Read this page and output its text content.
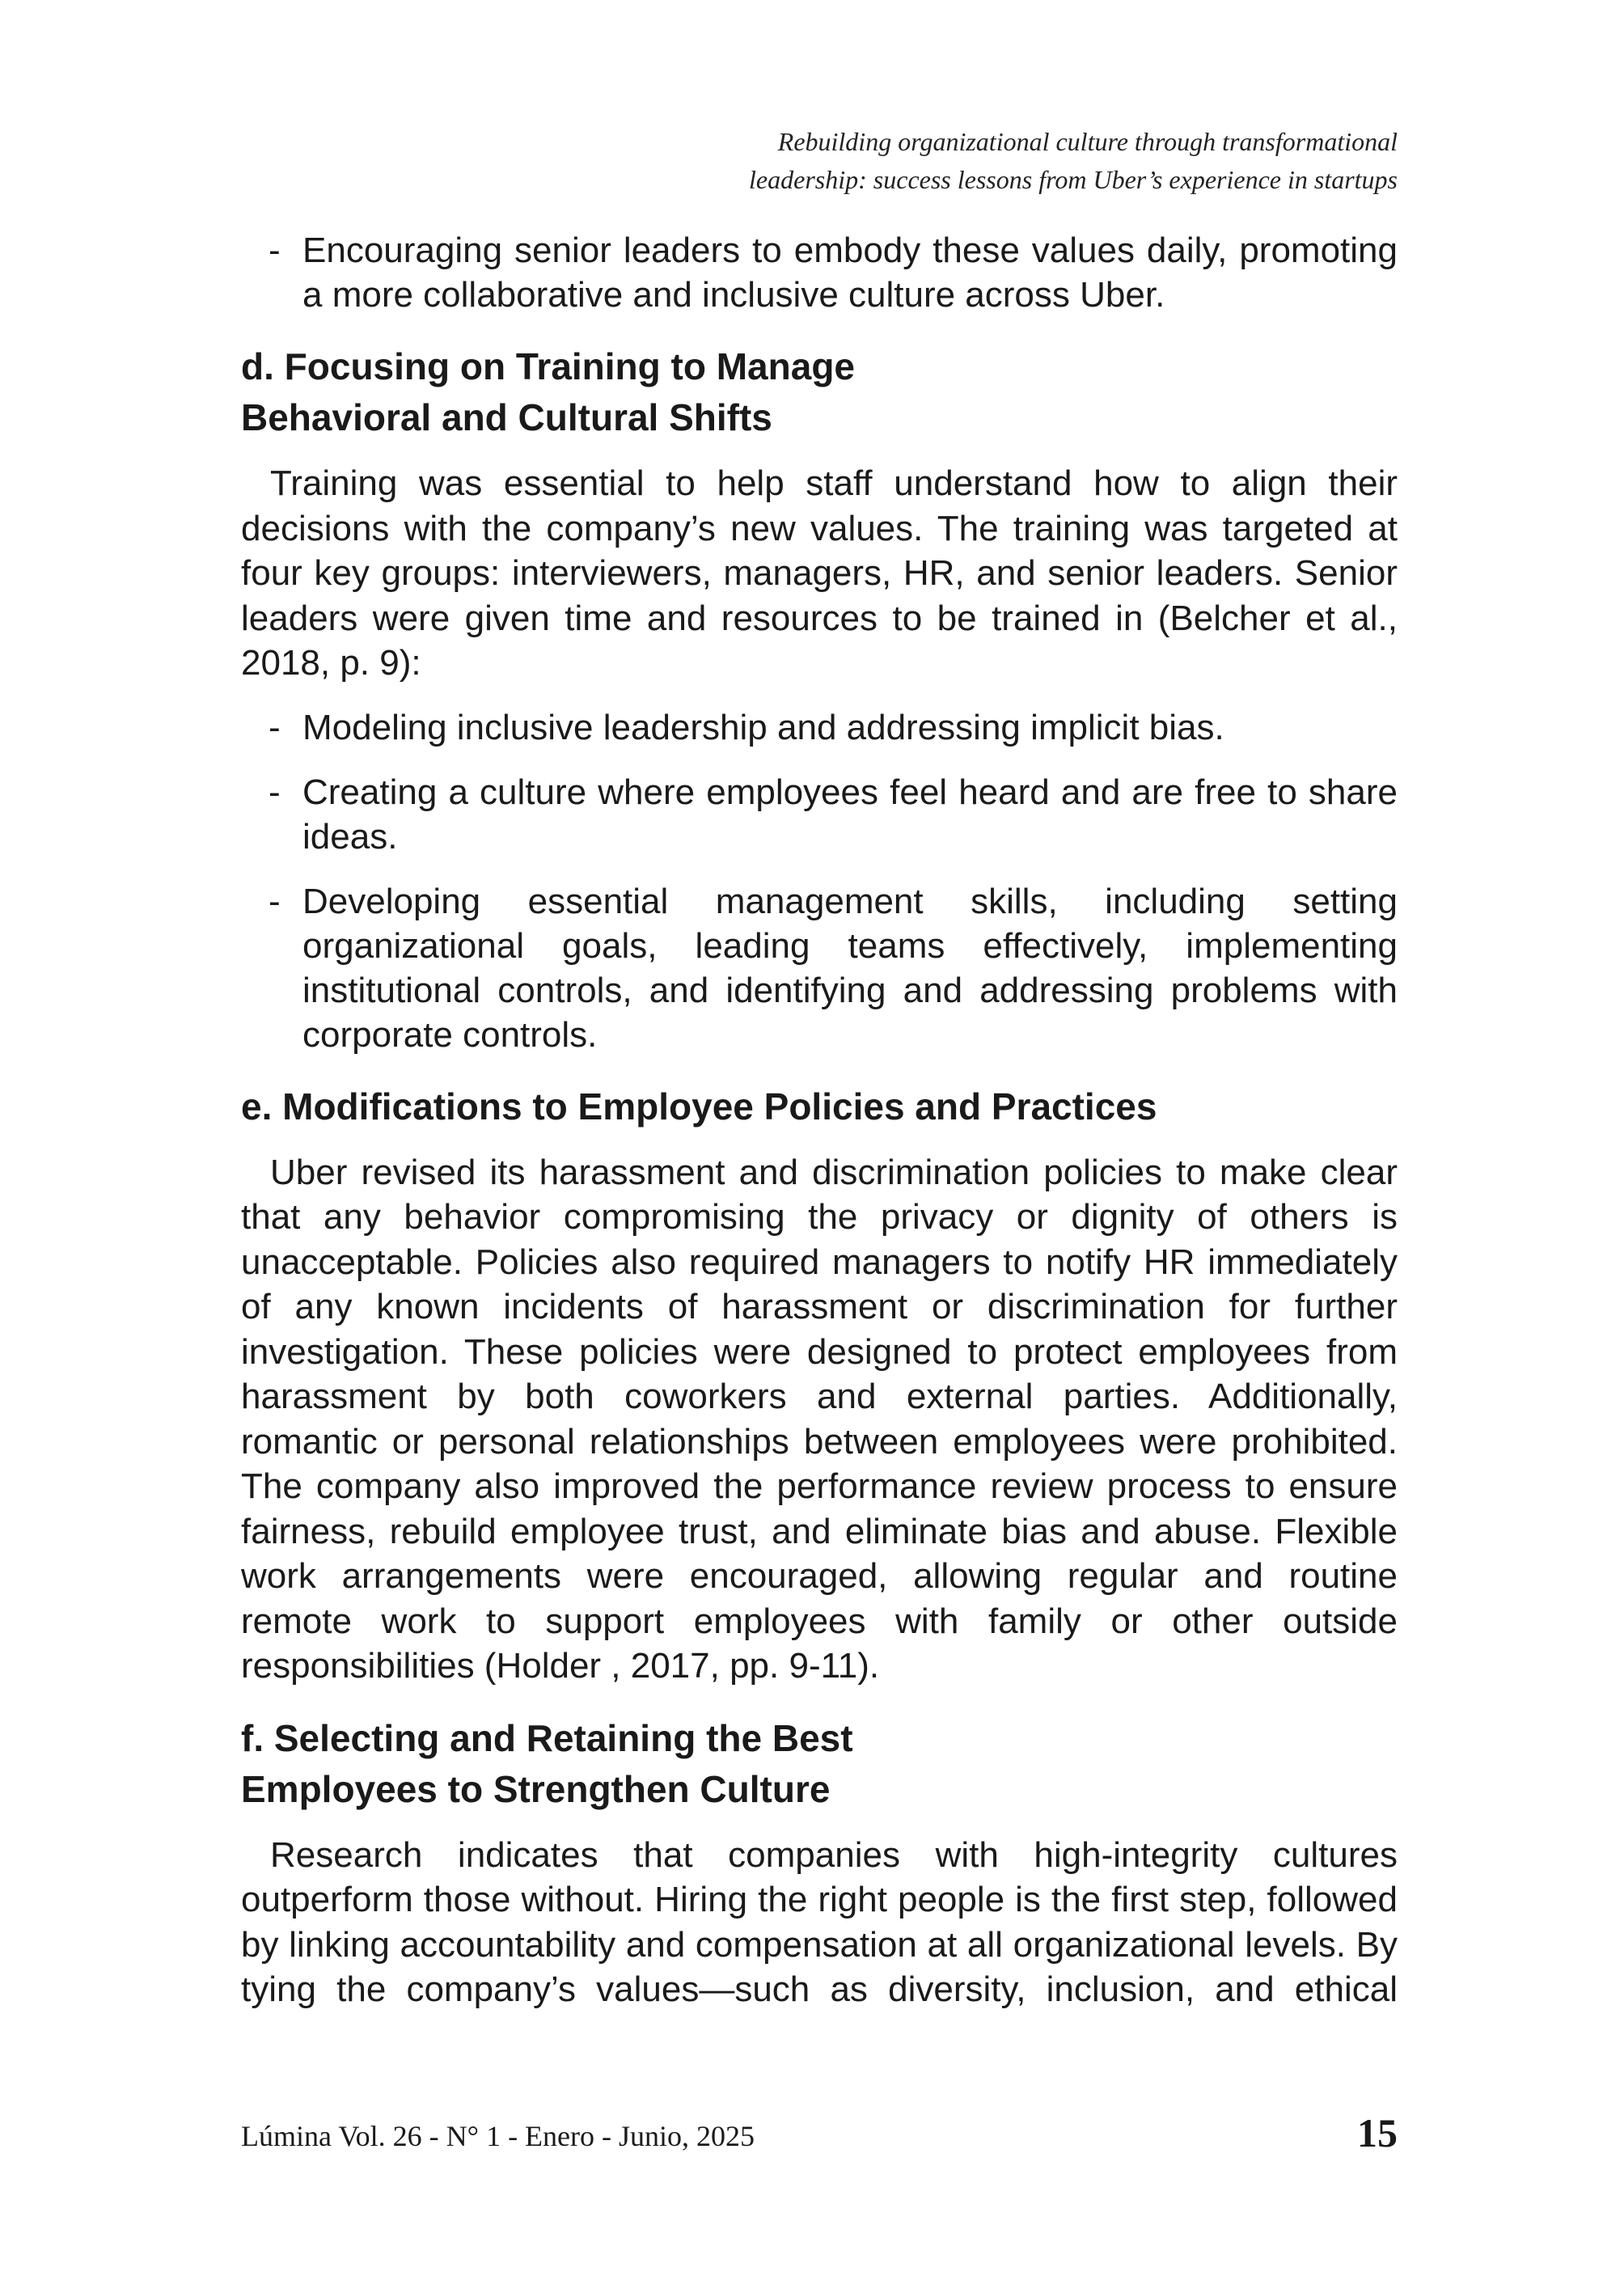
Rebuilding organizational culture through transformational
leadership: success lessons from Uber’s experience in startups

- Encouraging senior leaders to embody these values daily, promoting a more collaborative and inclusive culture across Uber.

d. Focusing on Training to Manage
Behavioral and Cultural Shifts

Training was essential to help staff understand how to align their decisions with the company’s new values. The training was targeted at four key groups: interviewers, managers, HR, and senior leaders. Senior leaders were given time and resources to be trained in (Belcher et al., 2018, p. 9):

- Modeling inclusive leadership and addressing implicit bias.

- Creating a culture where employees feel heard and are free to share ideas.

- Developing essential management skills, including setting organizational goals, leading teams effectively, implementing institutional controls, and identifying and addressing problems with corporate controls.

e. Modifications to Employee Policies and Practices

Uber revised its harassment and discrimination policies to make clear that any behavior compromising the privacy or dignity of others is unacceptable. Policies also required managers to notify HR immediately of any known incidents of harassment or discrimination for further investigation. These policies were designed to protect employees from harassment by both coworkers and external parties. Additionally, romantic or personal relationships between employees were prohibited. The company also improved the performance review process to ensure fairness, rebuild employee trust, and eliminate bias and abuse. Flexible work arrangements were encouraged, allowing regular and routine remote work to support employees with family or other outside responsibilities (Holder , 2017, pp. 9-11).

f. Selecting and Retaining the Best
Employees to Strengthen Culture

Research indicates that companies with high-integrity cultures outperform those without. Hiring the right people is the first step, followed by linking accountability and compensation at all organizational levels. By tying the company’s values—such as diversity, inclusion, and ethical

Lúmina Vol. 26 - N° 1 - Enero - Junio, 2025	15
